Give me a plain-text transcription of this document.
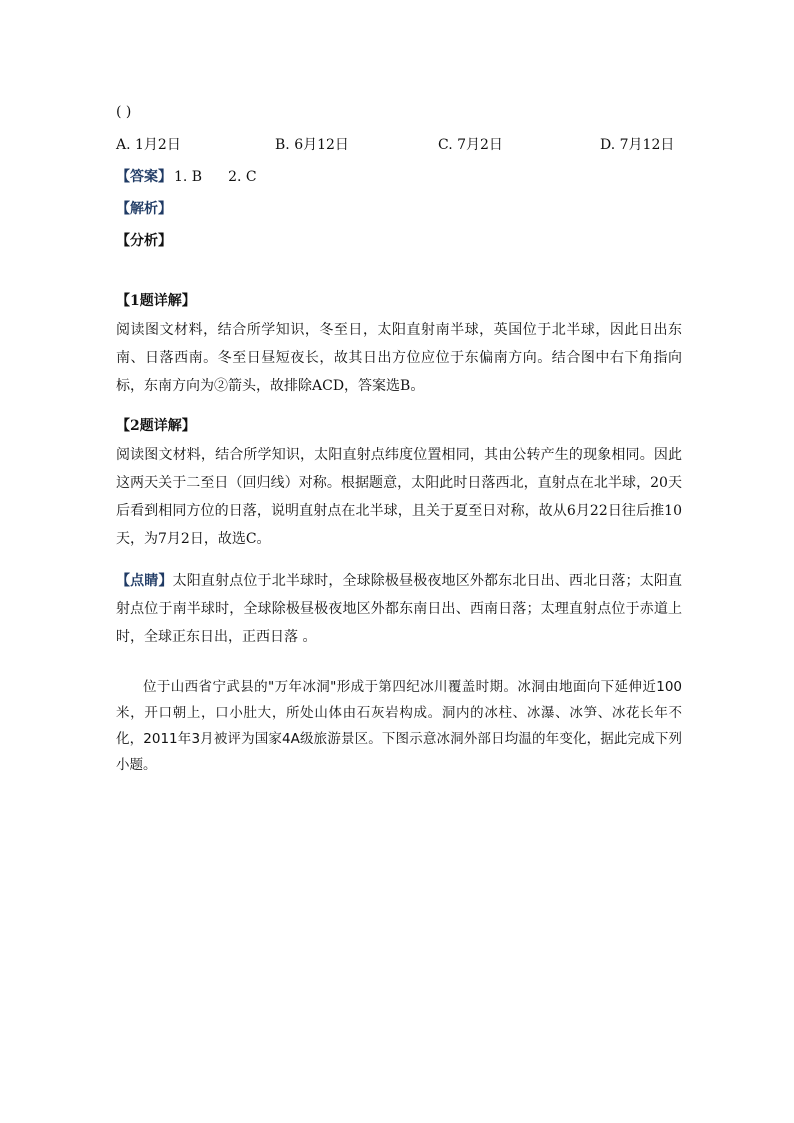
( )
A. 1月2日	B. 6月12日	C. 7月2日	D. 7月12日
【答案】 1. B 2. C
【解析】
【分析】
【1题详解】
阅读图文材料，结合所学知识，冬至日，太阳直射南半球，英国位于北半球，因此日出东南、日落西南。冬至日昼短夜长，故其日出方位应位于东偏南方向。结合图中右下角指向标，东南方向为②箭头，故排除ACD，答案选B。
【2题详解】
阅读图文材料，结合所学知识，太阳直射点纬度位置相同，其由公转产生的现象相同。因此这两天关于二至日（回归线）对称。根据题意，太阳此时日落西北，直射点在北半球，20天后看到相同方位的日落，说明直射点在北半球，且关于夏至日对称，故从6月22日往后推10天，为7月2日，故选C。
【点睛】太阳直射点位于北半球时，全球除极昼极夜地区外都东北日出、西北日落；太阳直射点位于南半球时，全球除极昼极夜地区外都东南日出、西南日落；太理直射点位于赤道上时，全球正东日出，正西日落 。
位于山西省宁武县的"万年冰洞"形成于第四纪冰川覆盖时期。冰洞由地面向下延伸近100米，开口朝上，口小肚大，所处山体由石灰岩构成。洞内的冰柱、冰瀑、冰笋、冰花长年不化，2011年3月被评为国家4A级旅游景区。下图示意冰洞外部日均温的年变化，据此完成下列小题。
